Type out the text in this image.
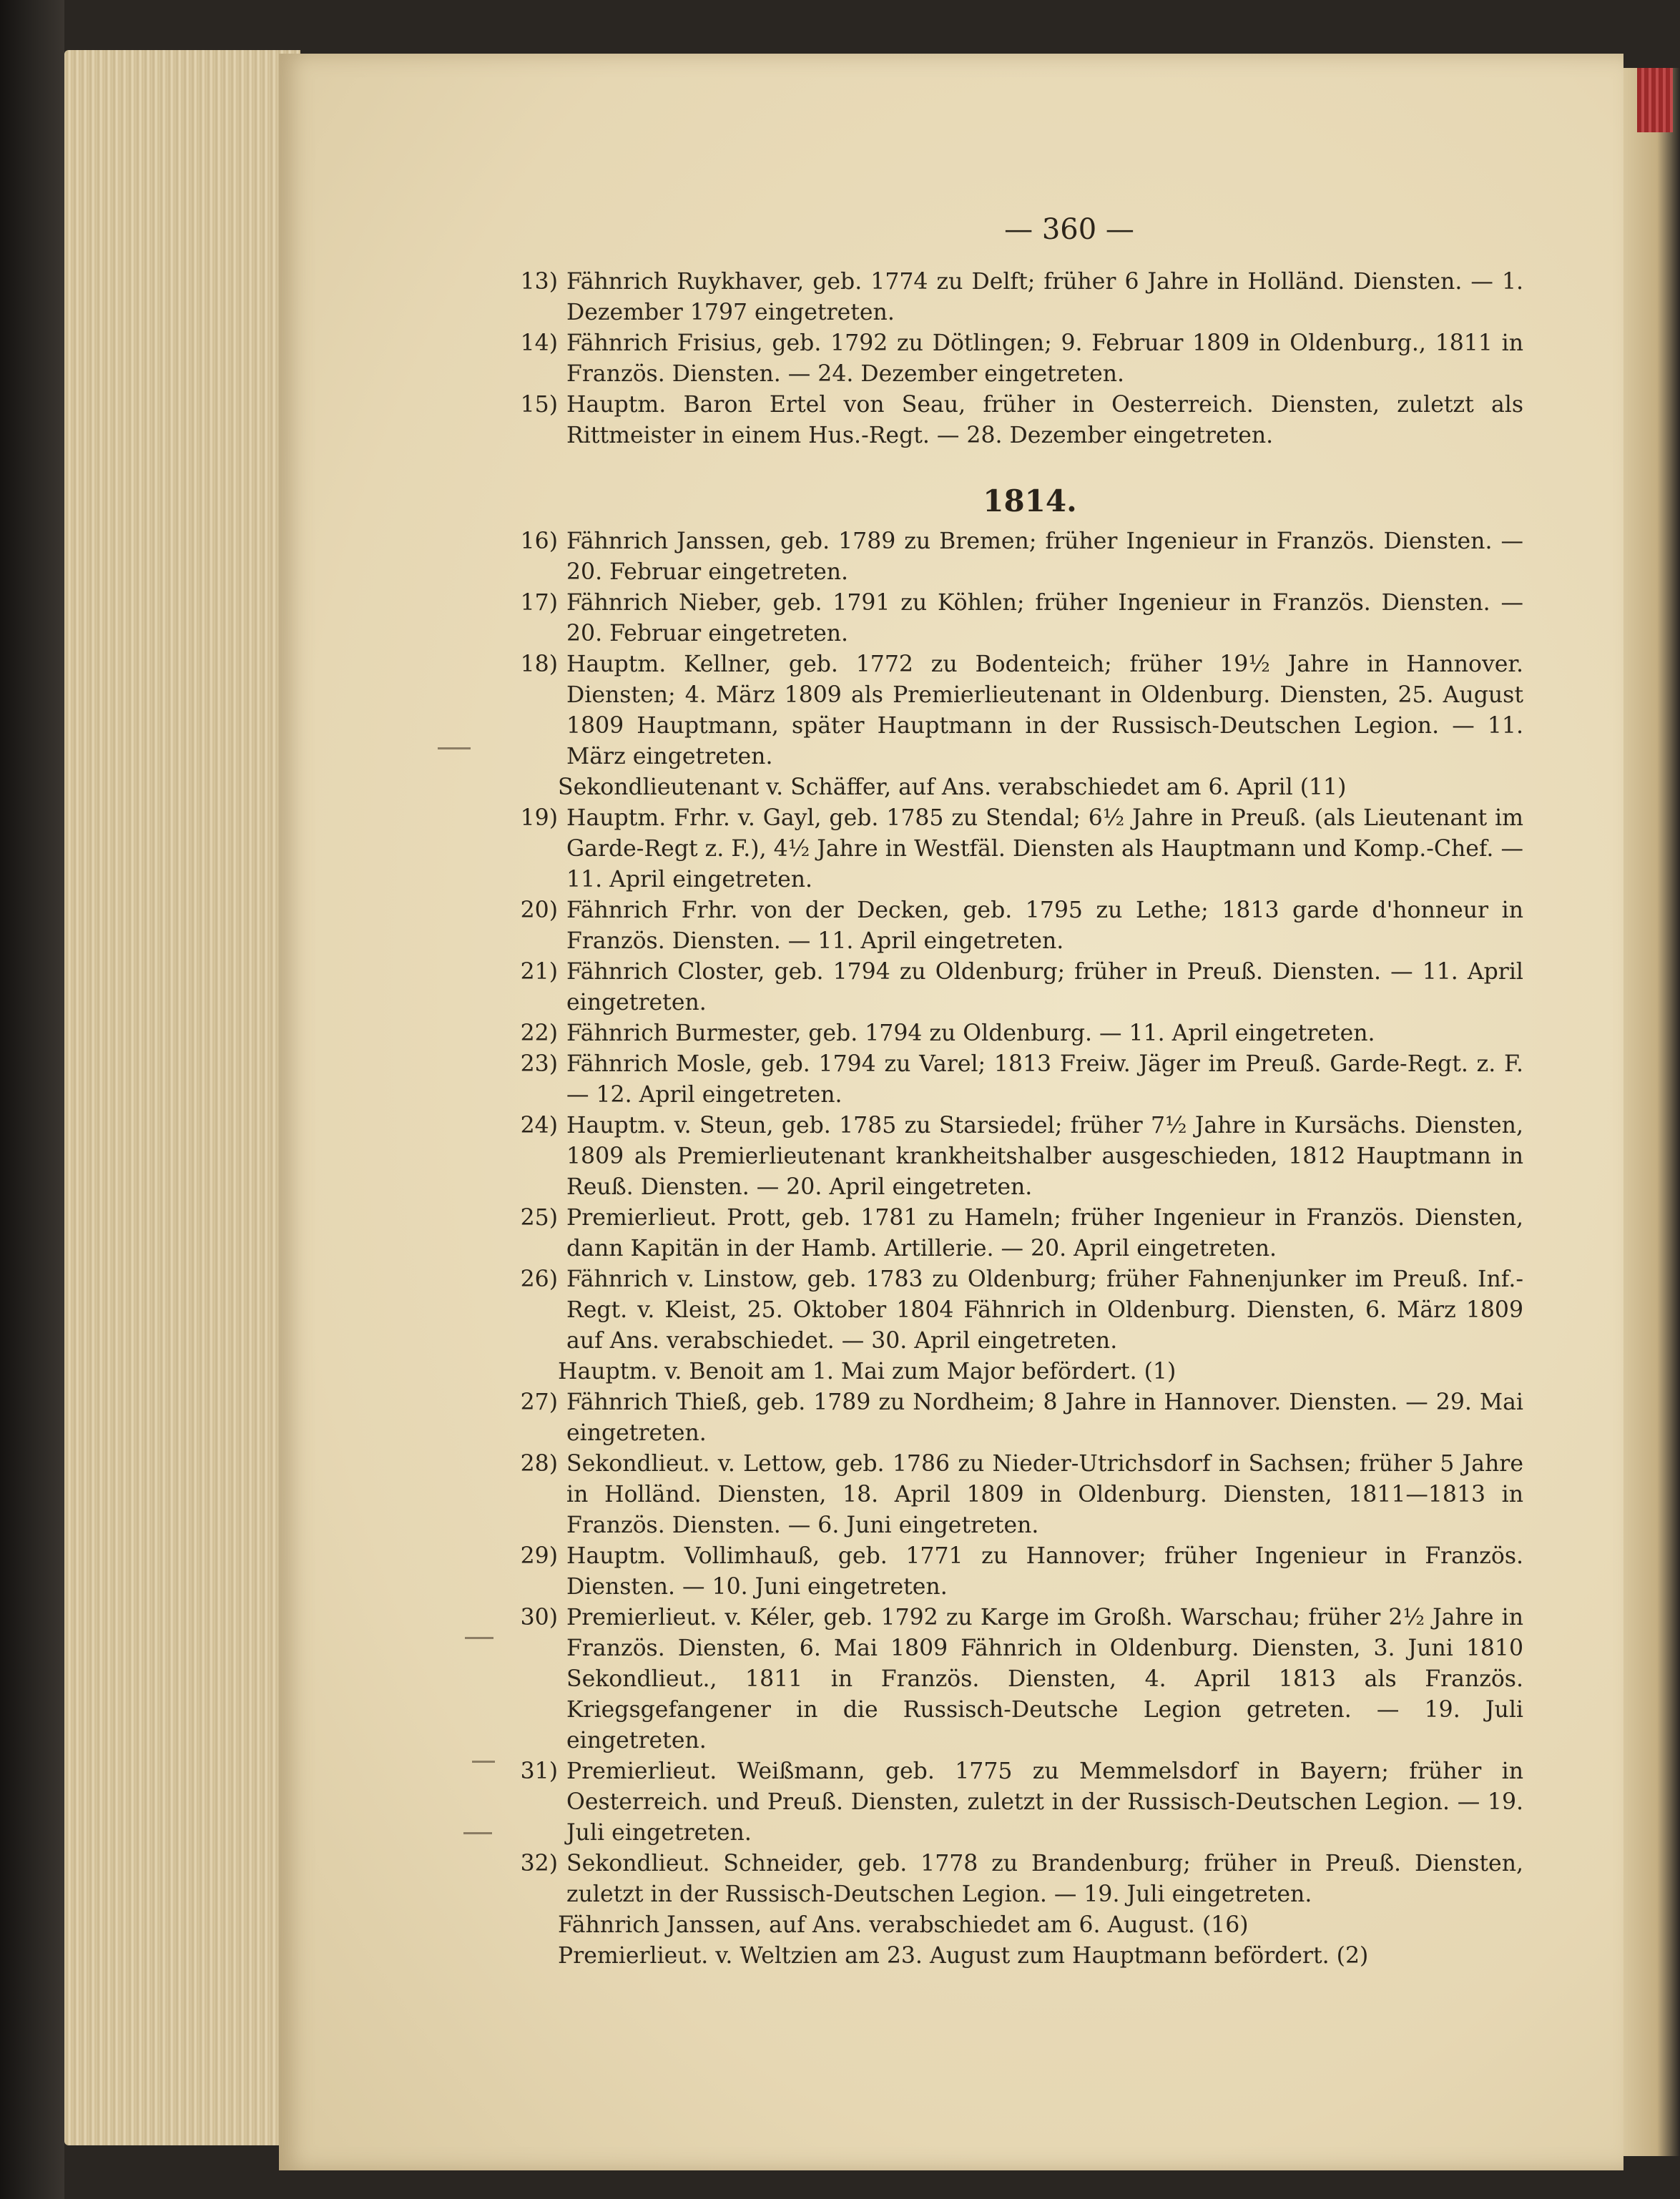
— 360 —
13) Fähnrich Ruykhaver, geb. 1774 zu Delft; früher 6 Jahre in Holländ. Diensten. — 1. Dezember 1797 eingetreten.
14) Fähnrich Frisius, geb. 1792 zu Dötlingen; 9. Februar 1809 in Oldenburg., 1811 in Französ. Diensten. — 24. Dezember eingetreten.
15) Hauptm. Baron Ertel von Seau, früher in Oesterreich. Diensten, zuletzt als Rittmeister in einem Hus.-Regt. — 28. Dezember eingetreten.
1814.
16) Fähnrich Janssen, geb. 1789 zu Bremen; früher Ingenieur in Französ. Diensten. — 20. Februar eingetreten.
17) Fähnrich Nieber, geb. 1791 zu Köhlen; früher Ingenieur in Französ. Diensten. — 20. Februar eingetreten.
18) Hauptm. Kellner, geb. 1772 zu Bodenteich; früher 19½ Jahre in Hannover. Diensten; 4. März 1809 als Premierlieutenant in Oldenburg. Diensten, 25. August 1809 Hauptmann, später Hauptmann in der Russisch-Deutschen Legion. — 11. März eingetreten.
Sekondlieutenant v. Schäffer, auf Ans. verabschiedet am 6. April (11)
19) Hauptm. Frhr. v. Gayl, geb. 1785 zu Stendal; 6½ Jahre in Preuß. (als Lieutenant im Garde-Regt z. F.), 4½ Jahre in Westfäl. Diensten als Hauptmann und Komp.-Chef. — 11. April eingetreten.
20) Fähnrich Frhr. von der Decken, geb. 1795 zu Lethe; 1813 garde d'honneur in Französ. Diensten. — 11. April eingetreten.
21) Fähnrich Closter, geb. 1794 zu Oldenburg; früher in Preuß. Diensten. — 11. April eingetreten.
22) Fähnrich Burmester, geb. 1794 zu Oldenburg. — 11. April eingetreten.
23) Fähnrich Mosle, geb. 1794 zu Varel; 1813 Freiw. Jäger im Preuß. Garde-Regt. z. F. — 12. April eingetreten.
24) Hauptm. v. Steun, geb. 1785 zu Starsiedel; früher 7½ Jahre in Kursächs. Diensten, 1809 als Premierlieutenant krankheitshalber ausgeschieden, 1812 Hauptmann in Reuß. Diensten. — 20. April eingetreten.
25) Premierlieut. Prott, geb. 1781 zu Hameln; früher Ingenieur in Französ. Diensten, dann Kapitän in der Hamb. Artillerie. — 20. April eingetreten.
26) Fähnrich v. Linstow, geb. 1783 zu Oldenburg; früher Fahnenjunker im Preuß. Inf.-Regt. v. Kleist, 25. Oktober 1804 Fähnrich in Oldenburg. Diensten, 6. März 1809 auf Ans. verabschiedet. — 30. April eingetreten.
Hauptm. v. Benoit am 1. Mai zum Major befördert. (1)
27) Fähnrich Thieß, geb. 1789 zu Nordheim; 8 Jahre in Hannover. Diensten. — 29. Mai eingetreten.
28) Sekondlieut. v. Lettow, geb. 1786 zu Nieder-Utrichsdorf in Sachsen; früher 5 Jahre in Holländ. Diensten, 18. April 1809 in Oldenburg. Diensten, 1811—1813 in Französ. Diensten. — 6. Juni eingetreten.
29) Hauptm. Vollimhauß, geb. 1771 zu Hannover; früher Ingenieur in Französ. Diensten. — 10. Juni eingetreten.
30) Premierlieut. v. Kéler, geb. 1792 zu Karge im Großh. Warschau; früher 2½ Jahre in Französ. Diensten, 6. Mai 1809 Fähnrich in Oldenburg. Diensten, 3. Juni 1810 Sekondlieut., 1811 in Französ. Diensten, 4. April 1813 als Französ. Kriegsgefangener in die Russisch-Deutsche Legion getreten. — 19. Juli eingetreten.
31) Premierlieut. Weißmann, geb. 1775 zu Memmelsdorf in Bayern; früher in Oesterreich. und Preuß. Diensten, zuletzt in der Russisch-Deutschen Legion. — 19. Juli eingetreten.
32) Sekondlieut. Schneider, geb. 1778 zu Brandenburg; früher in Preuß. Diensten, zuletzt in der Russisch-Deutschen Legion. — 19. Juli eingetreten.
Fähnrich Janssen, auf Ans. verabschiedet am 6. August. (16)
Premierlieut. v. Weltzien am 23. August zum Hauptmann befördert. (2)
